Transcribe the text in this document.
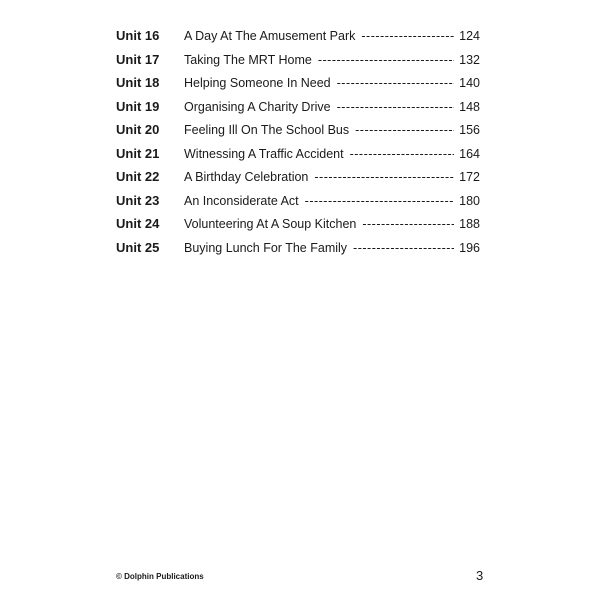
Unit 16	A Day At The Amusement Park -----	124
Unit 17	Taking The MRT Home -----	132
Unit 18	Helping Someone In Need -----	140
Unit 19	Organising A Charity Drive -----	148
Unit 20	Feeling Ill On The School Bus -----	156
Unit 21	Witnessing A Traffic Accident -----	164
Unit 22	A Birthday Celebration -----	172
Unit 23	An Inconsiderate Act -----	180
Unit 24	Volunteering At A Soup Kitchen -----	188
Unit 25	Buying Lunch For The Family -----	196
© Dolphin Publications	3
